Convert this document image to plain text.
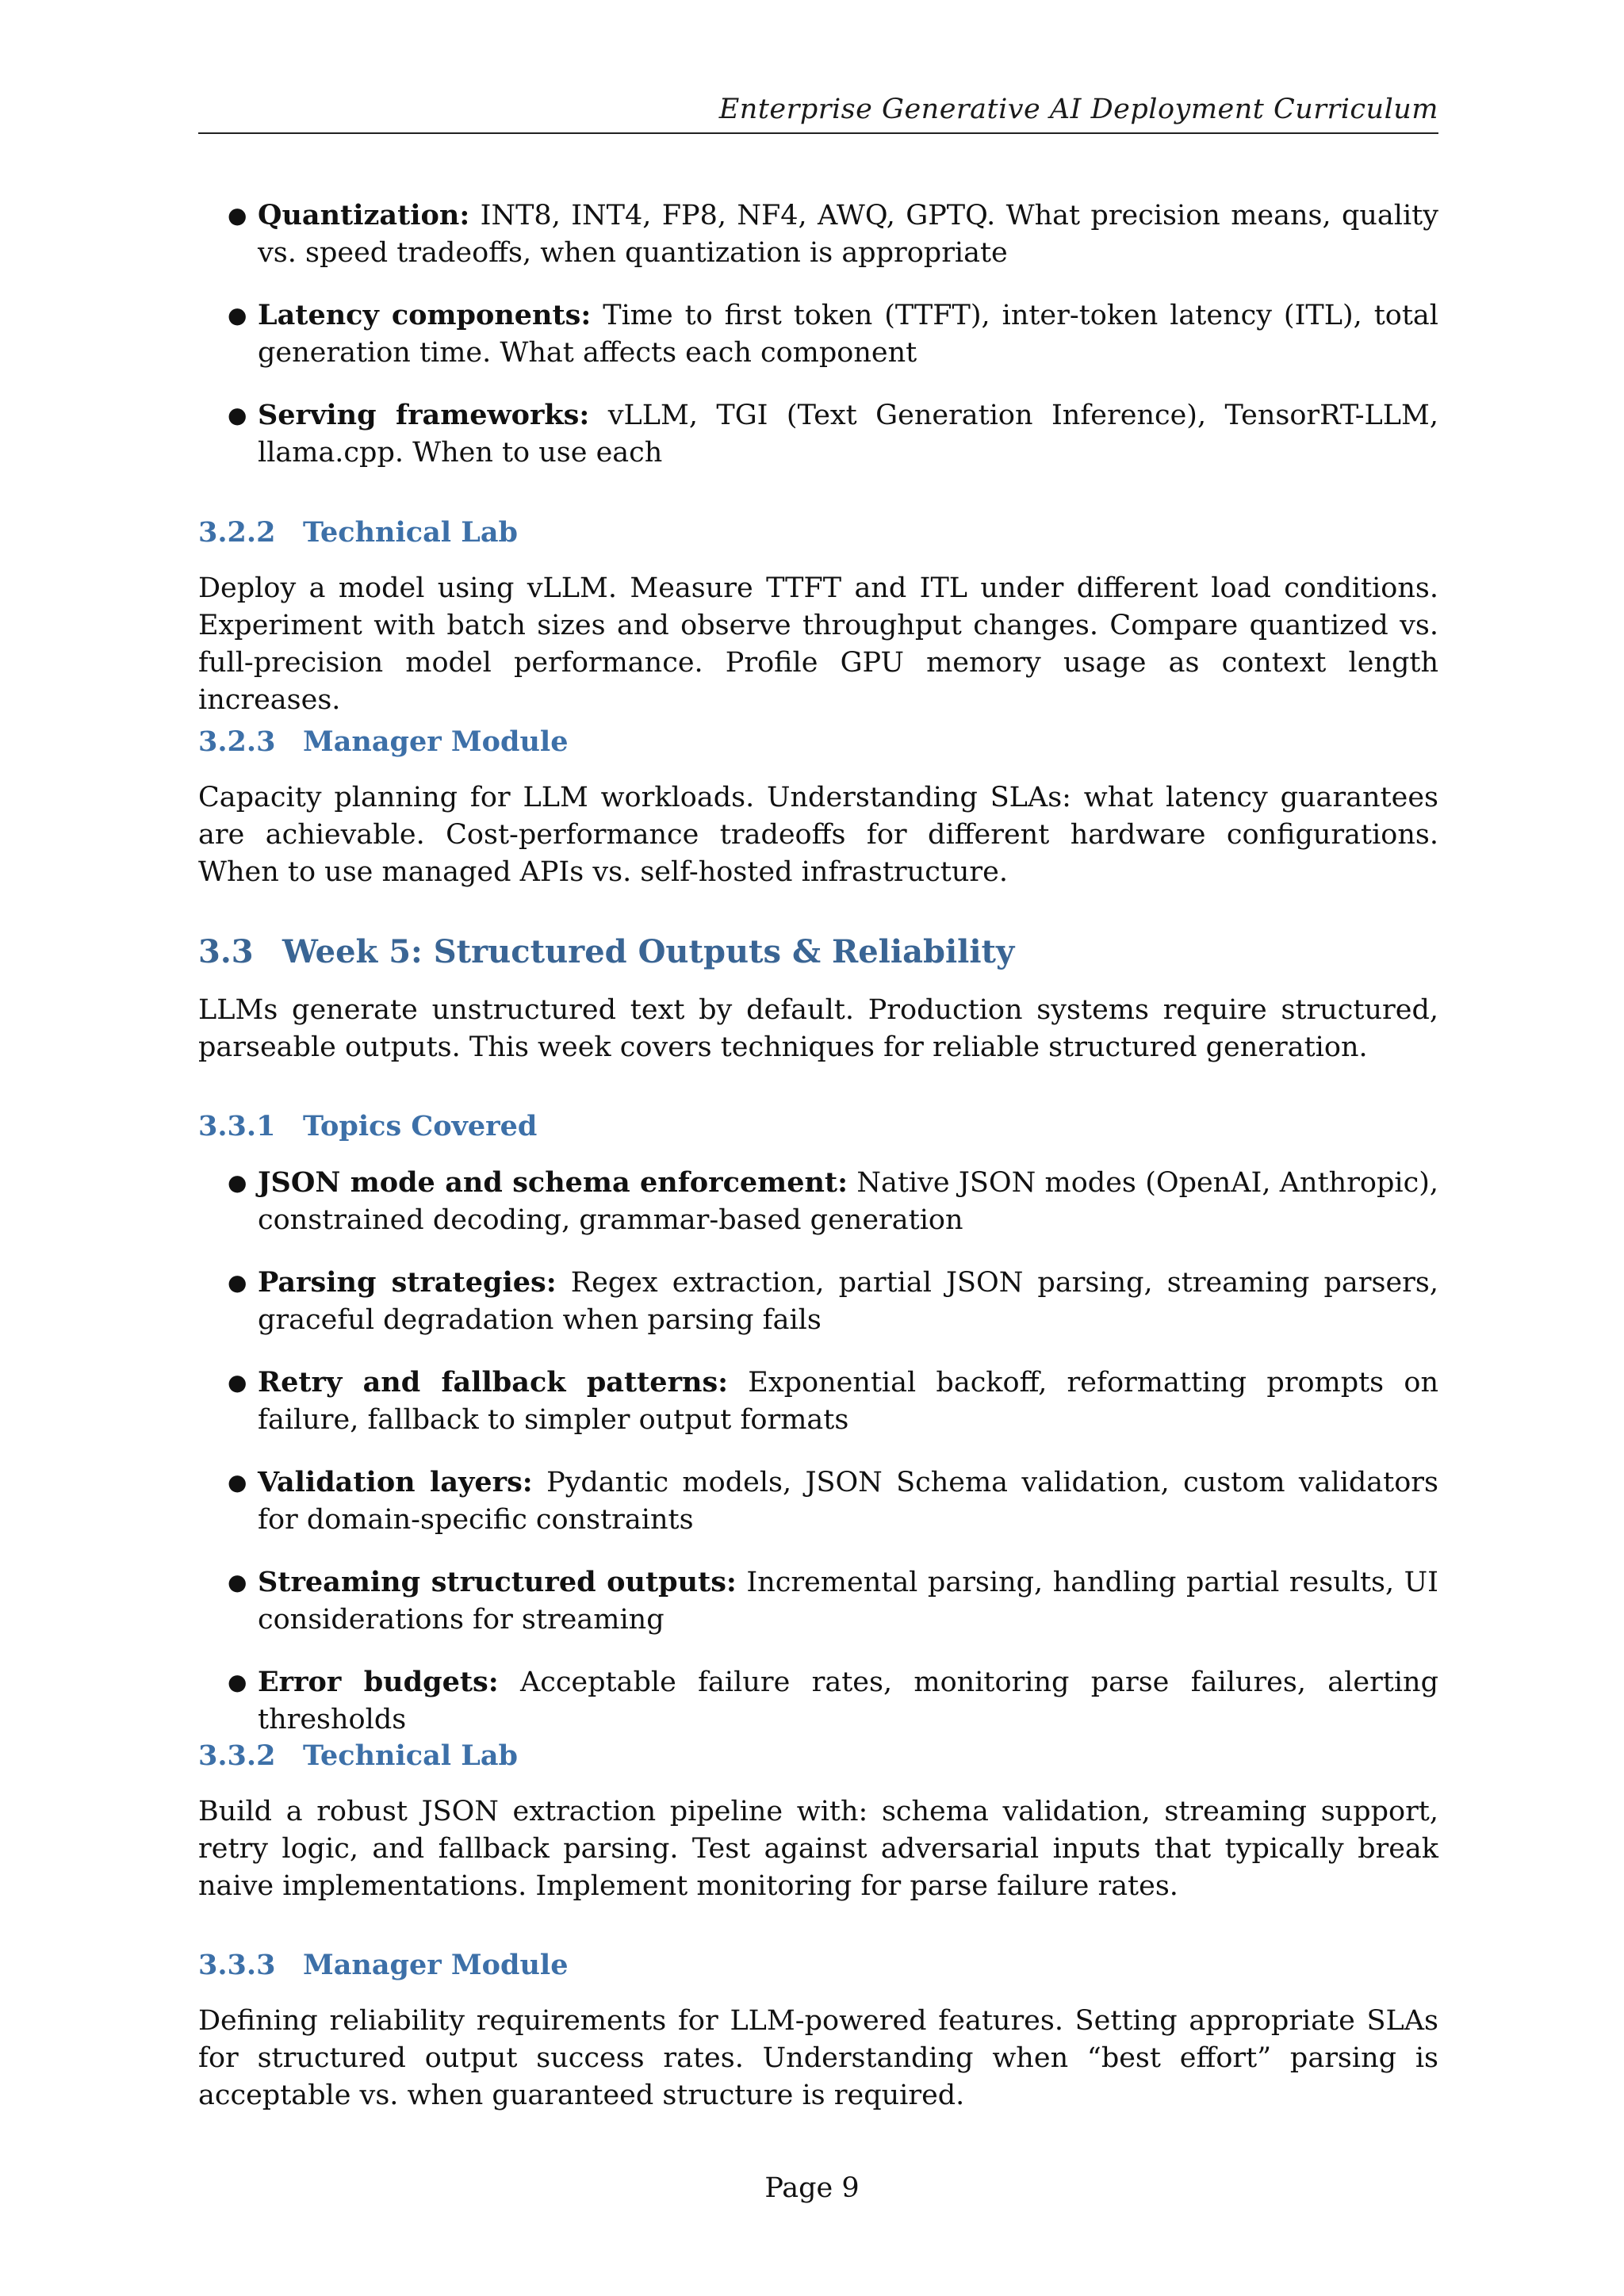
Enterprise Generative AI Deployment Curriculum
● Quantization: INT8, INT4, FP8, NF4, AWQ, GPTQ. What precision means, quality vs. speed tradeoffs, when quantization is appropriate
● Latency components: Time to first token (TTFT), inter-token latency (ITL), total generation time. What affects each component
● Serving frameworks: vLLM, TGI (Text Generation Inference), TensorRT-LLM, llama.cpp. When to use each
3.2.2 Technical Lab

Deploy a model using vLLM. Measure TTFT and ITL under different load conditions. Experiment with batch sizes and observe throughput changes. Compare quantized vs. full-precision model performance. Profile GPU memory usage as context length increases.

3.2.3 Manager Module

Capacity planning for LLM workloads. Understanding SLAs: what latency guarantees are achievable. Cost-performance tradeoffs for different hardware configurations. When to use managed APIs vs. self-hosted infrastructure.

3.3 Week 5: Structured Outputs & Reliability

LLMs generate unstructured text by default. Production systems require structured, parseable outputs. This week covers techniques for reliable structured generation.

3.3.1 Topics Covered
● JSON mode and schema enforcement: Native JSON modes (OpenAI, Anthropic), constrained decoding, grammar-based generation
● Parsing strategies: Regex extraction, partial JSON parsing, streaming parsers, graceful degradation when parsing fails
● Retry and fallback patterns: Exponential backoff, reformatting prompts on failure, fallback to simpler output formats
● Validation layers: Pydantic models, JSON Schema validation, custom validators for domain-specific constraints
● Streaming structured outputs: Incremental parsing, handling partial results, UI considerations for streaming
● Error budgets: Acceptable failure rates, monitoring parse failures, alerting thresholds
3.3.2 Technical Lab

Build a robust JSON extraction pipeline with: schema validation, streaming support, retry logic, and fallback parsing. Test against adversarial inputs that typically break naive implementations. Implement monitoring for parse failure rates.

3.3.3 Manager Module

Defining reliability requirements for LLM-powered features. Setting appropriate SLAs for structured output success rates. Understanding when “best effort” parsing is acceptable vs. when guaranteed structure is required.

Page 9
